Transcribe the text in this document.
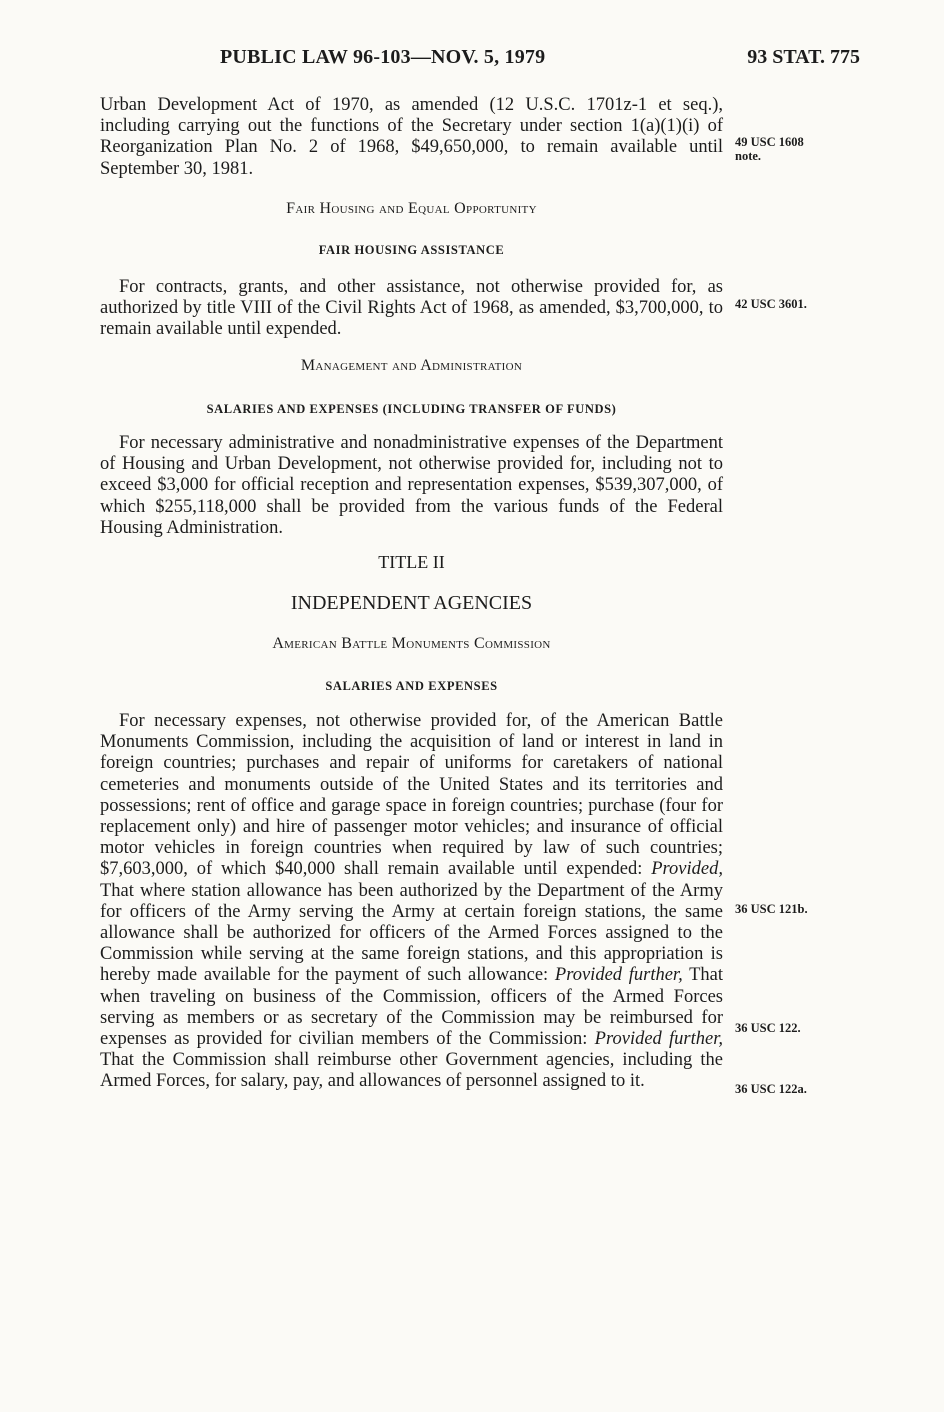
PUBLIC LAW 96-103—NOV. 5, 1979	93 STAT. 775

Urban Development Act of 1970, as amended (12 U.S.C. 1701z-1 et seq.), including carrying out the functions of the Secretary under section 1(a)(1)(i) of Reorganization Plan No. 2 of 1968, $49,650,000, to remain available until September 30, 1981.

Fair Housing and Equal Opportunity

FAIR HOUSING ASSISTANCE

For contracts, grants, and other assistance, not otherwise provided for, as authorized by title VIII of the Civil Rights Act of 1968, as amended, $3,700,000, to remain available until expended.

Management and Administration

SALARIES AND EXPENSES (INCLUDING TRANSFER OF FUNDS)

For necessary administrative and nonadministrative expenses of the Department of Housing and Urban Development, not otherwise provided for, including not to exceed $3,000 for official reception and representation expenses, $539,307,000, of which $255,118,000 shall be provided from the various funds of the Federal Housing Administration.

TITLE II

INDEPENDENT AGENCIES

American Battle Monuments Commission

SALARIES AND EXPENSES

For necessary expenses, not otherwise provided for, of the American Battle Monuments Commission, including the acquisition of land or interest in land in foreign countries; purchases and repair of uniforms for caretakers of national cemeteries and monuments outside of the United States and its territories and possessions; rent of office and garage space in foreign countries; purchase (four for replacement only) and hire of passenger motor vehicles; and insurance of official motor vehicles in foreign countries when required by law of such countries; $7,603,000, of which $40,000 shall remain available until expended: Provided, That where station allowance has been authorized by the Department of the Army for officers of the Army serving the Army at certain foreign stations, the same allowance shall be authorized for officers of the Armed Forces assigned to the Commission while serving at the same foreign stations, and this appropriation is hereby made available for the payment of such allowance: Provided further, That when traveling on business of the Commission, officers of the Armed Forces serving as members or as secretary of the Commission may be reimbursed for expenses as provided for civilian members of the Commission: Provided further, That the Commission shall reimburse other Government agencies, including the Armed Forces, for salary, pay, and allowances of personnel assigned to it.

49 USC 1608
note.
42 USC 3601.
36 USC 121b.
36 USC 122.
36 USC 122a.
